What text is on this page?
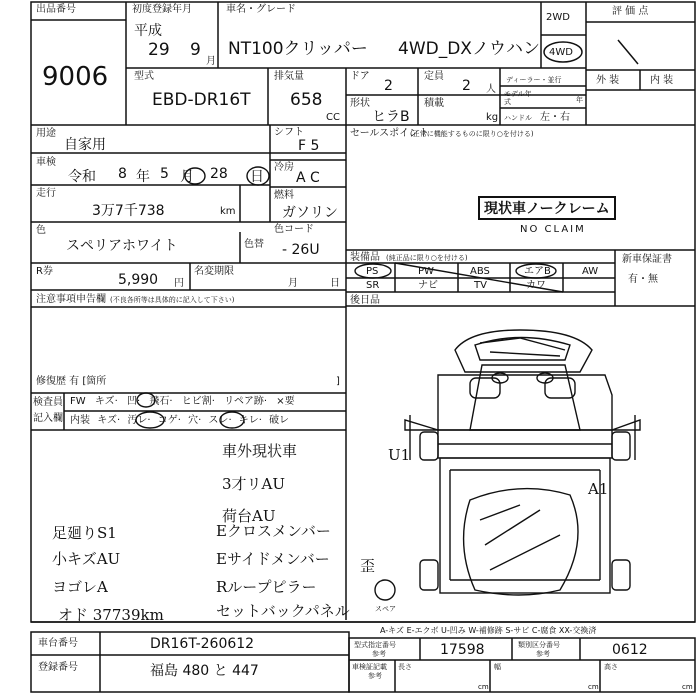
出品番号
9006
初度登録年月
平成
29 9
月
車名・グレード
NT100クリッパー 4WD_DXノウハン
2WD
4WD
評 価 点
外 装	内 装
型式
EBD-DR16T
排気量
658
CC
ドア
2
定員
2 人
形状
ヒラB
積載
kg
ディーラー・並行
モデル年式	年
ハンドル 左・右
用途
自家用
車検
令和 8 年 5 月 28 日
走行
3万7千738	km
色
スペリアホワイト	色替
色コード
- 26U
シフト
F 5
冷房
A C
燃料
ガソリン
R券
5,990 円
名変期限
月	日
注意事項申告欄 (不良各所等は具体的に記入して下さい)
修復歴 有 [箇所	]
セールスポイント
(正常に機能するものに限り○を付ける)
現状車ノークレーム
NO CLAIM
装備品 (純正品に限り○を付ける)
PS	PW	ABS	エアB	AW
SR	ナビ	TV	カワ
新車保証書
有・無
後日品
検査員
記入欄
FW キズ· 凹· 飛石· ヒビ割· リペア跡· ×要
内装 キズ· 汚レ· コゲ· 穴· スレ· キレ· 破レ
車外現状車
3才リAU
荷台AU
Eクロスメンバー
Eサイドメンバー
Rループピラー
セットバックパネル
足廻りS1
小キズAU
ヨゴレA
オド 37739km
歪
U1
A1
スペア
A-キズ E-エクボ U-凹み W-補修跡 S-サビ C-腐食 XX-交換済
車台番号	DR16T-260612
登録番号	福島 480 と 447
型式指定番号
参考	17598	類別区分番号
参考	0612
車検証記載
参考
長さ
cm
幅
cm
高さ
cm
